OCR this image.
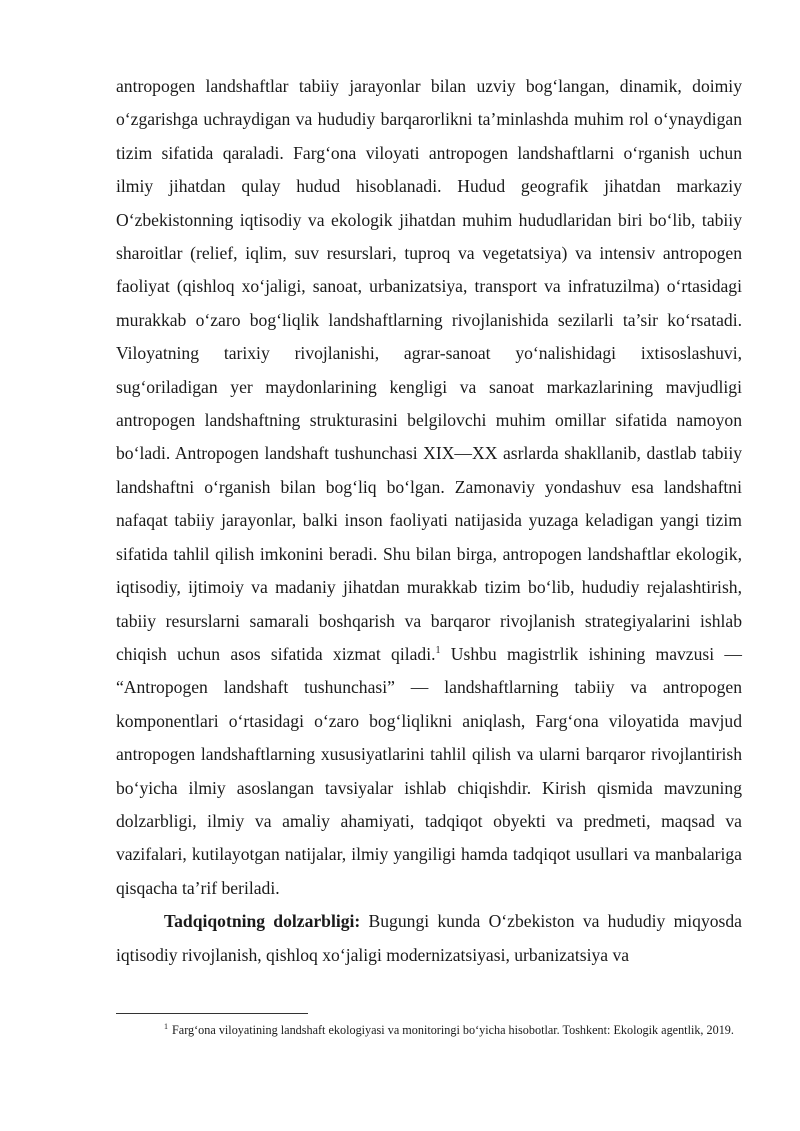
antropogen landshaftlar tabiiy jarayonlar bilan uzviy bog‘langan, dinamik, doimiy o‘zgarishga uchraydigan va hududiy barqarorlikni ta’minlashda muhim rol o‘ynaydigan tizim sifatida qaraladi. Farg‘ona viloyati antropogen landshaftlarni o‘rganish uchun ilmiy jihatdan qulay hudud hisoblanadi. Hudud geografik jihatdan markaziy O‘zbekistonning iqtisodiy va ekologik jihatdan muhim hududlaridan biri bo‘lib, tabiiy sharoitlar (relief, iqlim, suv resurslari, tuproq va vegetatsiya) va intensiv antropogen faoliyat (qishloq xo‘jaligi, sanoat, urbanizatsiya, transport va infratuzilma) o‘rtasidagi murakkab o‘zaro bog‘liqlik landshaftlarning rivojlanishida sezilarli ta’sir ko‘rsatadi. Viloyatning tarixiy rivojlanishi, agrar-sanoat yo‘nalishidagi ixtisoslashuvi, sug‘oriladigan yer maydonlarining kengligi va sanoat markazlarining mavjudligi antropogen landshaftning strukturasini belgilovchi muhim omillar sifatida namoyon bo‘ladi. Antropogen landshaft tushunchasi XIX—XX asrlarda shakllanib, dastlab tabiiy landshaftni o‘rganish bilan bog‘liq bo‘lgan. Zamonaviy yondashuv esa landshaftni nafaqat tabiiy jarayonlar, balki inson faoliyati natijasida yuzaga keladigan yangi tizim sifatida tahlil qilish imkonini beradi. Shu bilan birga, antropogen landshaftlar ekologik, iqtisodiy, ijtimoiy va madaniy jihatdan murakkab tizim bo‘lib, hududiy rejalashtirish, tabiiy resurslarni samarali boshqarish va barqaror rivojlanish strategiyalarini ishlab chiqish uchun asos sifatida xizmat qiladi.$^1$ Ushbu magistrlik ishining mavzusi — “Antropogen landshaft tushunchasi” — landshaftlarning tabiiy va antropogen komponentlari o‘rtasidagi o‘zaro bog‘liqlikni aniqlash, Farg‘ona viloyatida mavjud antropogen landshaftlarning xususiyatlarini tahlil qilish va ularni barqaror rivojlantirish bo‘yicha ilmiy asoslangan tavsiyalar ishlab chiqishdir. Kirish qismida mavzuning dolzarbligi, ilmiy va amaliy ahamiyati, tadqiqot obyekti va predmeti, maqsad va vazifalari, kutilayotgan natijalar, ilmiy yangiligi hamda tadqiqot usullari va manbalariga qisqacha ta’rif beriladi.

Tadqiqotning dolzarbligi: Bugungi kunda O‘zbekiston va hududiy miqyosda iqtisodiy rivojlanish, qishloq xo‘jaligi modernizatsiyasi, urbanizatsiya va

$^1$ Farg‘ona viloyatining landshaft ekologiyasi va monitoringi bo‘yicha hisobotlar. Toshkent: Ekologik agentlik, 2019.
